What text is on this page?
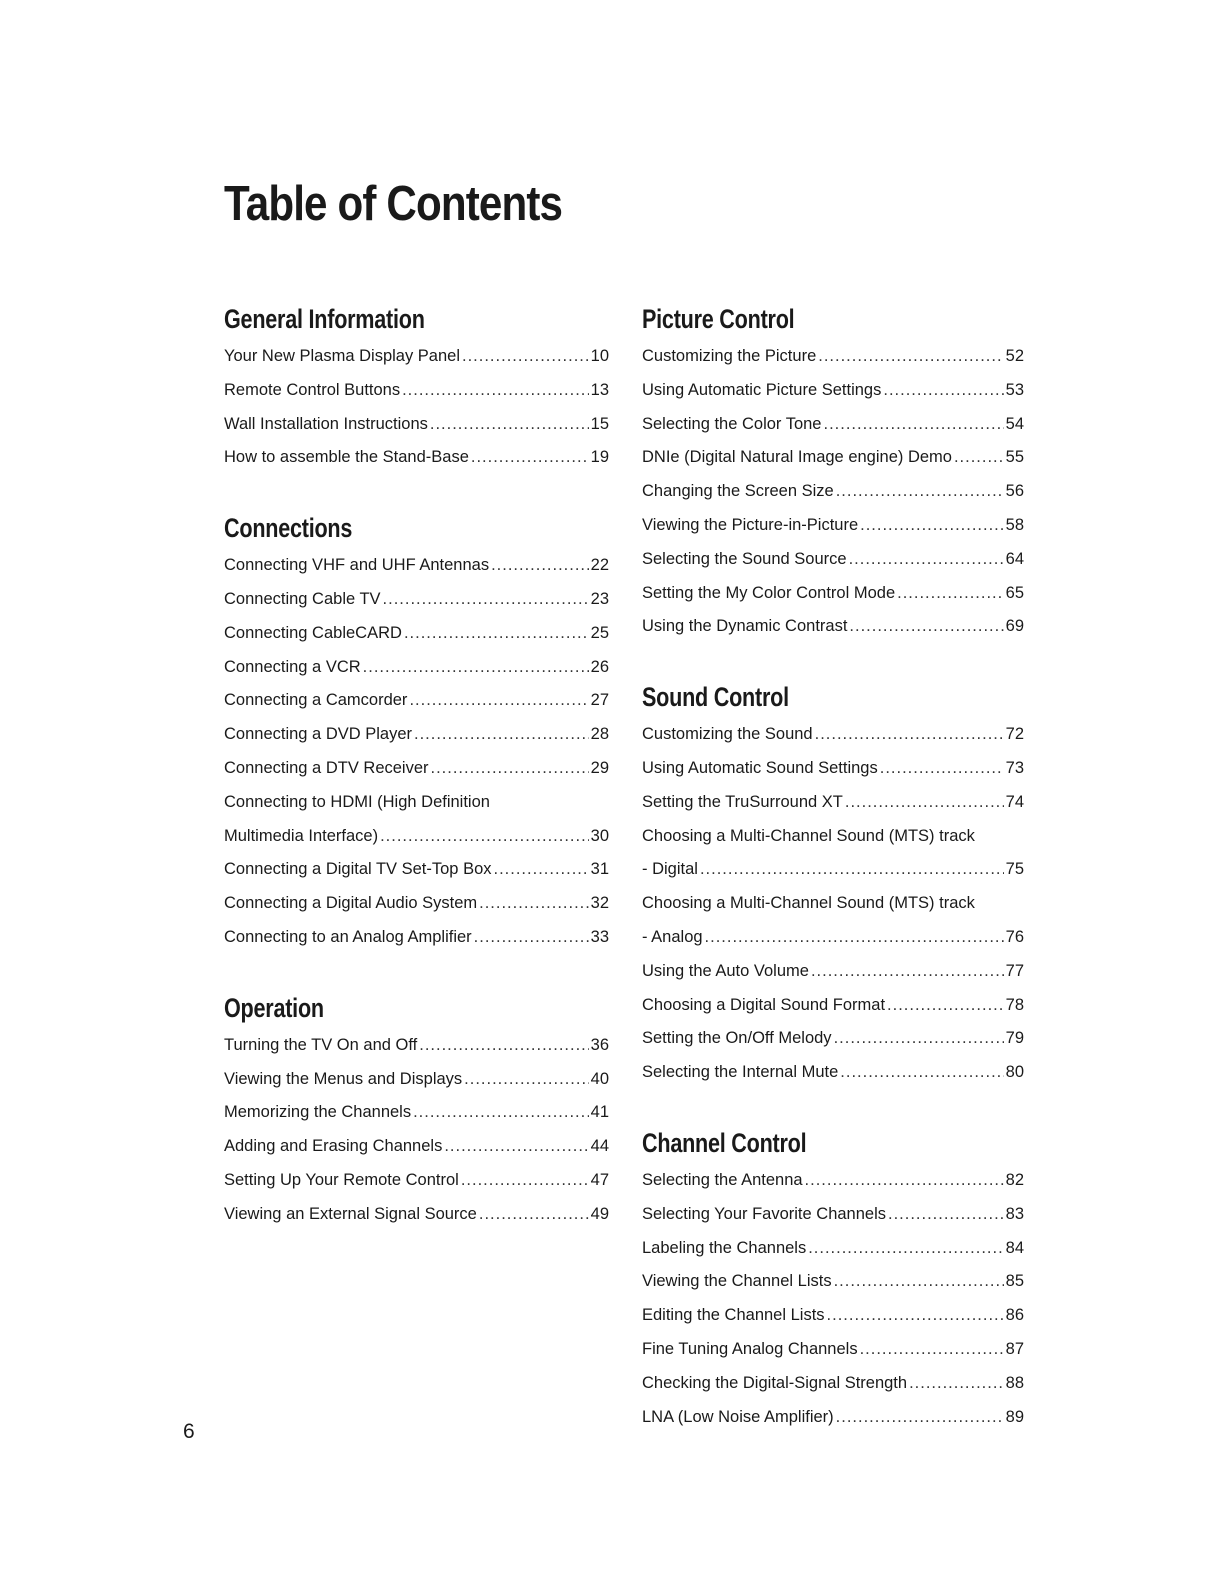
Table of Contents
General Information
Your New Plasma Display Panel .....	10
Remote Control Buttons .....	13
Wall Installation Instructions .....	15
How to assemble the Stand-Base .....	19
Connections
Connecting VHF and UHF Antennas .....	22
Connecting Cable TV .....	23
Connecting CableCARD .....	25
Connecting a VCR .....	26
Connecting a Camcorder .....	27
Connecting a DVD Player .....	28
Connecting a DTV Receiver .....	29
Connecting to HDMI (High Definition
Multimedia Interface) .....	30
Connecting a Digital TV Set-Top Box .....	31
Connecting a Digital Audio System .....	32
Connecting to an Analog Amplifier .....	33
Operation
Turning the TV On and Off .....	36
Viewing the Menus and Displays .....	40
Memorizing the Channels .....	41
Adding and Erasing Channels .....	44
Setting Up Your Remote Control .....	47
Viewing an External Signal Source .....	49
Picture Control
Customizing the Picture .....	52
Using Automatic Picture Settings .....	53
Selecting the Color Tone .....	54
DNIe (Digital Natural Image engine) Demo .....	55
Changing the Screen Size .....	56
Viewing the Picture-in-Picture .....	58
Selecting the Sound Source .....	64
Setting the My Color Control Mode .....	65
Using the Dynamic Contrast .....	69
Sound Control
Customizing the Sound .....	72
Using Automatic Sound Settings .....	73
Setting the TruSurround XT .....	74
Choosing a Multi-Channel Sound (MTS) track
- Digital .....	75
Choosing a Multi-Channel Sound (MTS) track
- Analog .....	76
Using the Auto Volume .....	77
Choosing a Digital Sound Format .....	78
Setting the On/Off Melody .....	79
Selecting the Internal Mute .....	80
Channel Control
Selecting the Antenna .....	82
Selecting Your Favorite Channels .....	83
Labeling the Channels .....	84
Viewing the Channel Lists .....	85
Editing the Channel Lists .....	86
Fine Tuning Analog Channels .....	87
Checking the Digital-Signal Strength .....	88
LNA (Low Noise Amplifier) .....	89
6
